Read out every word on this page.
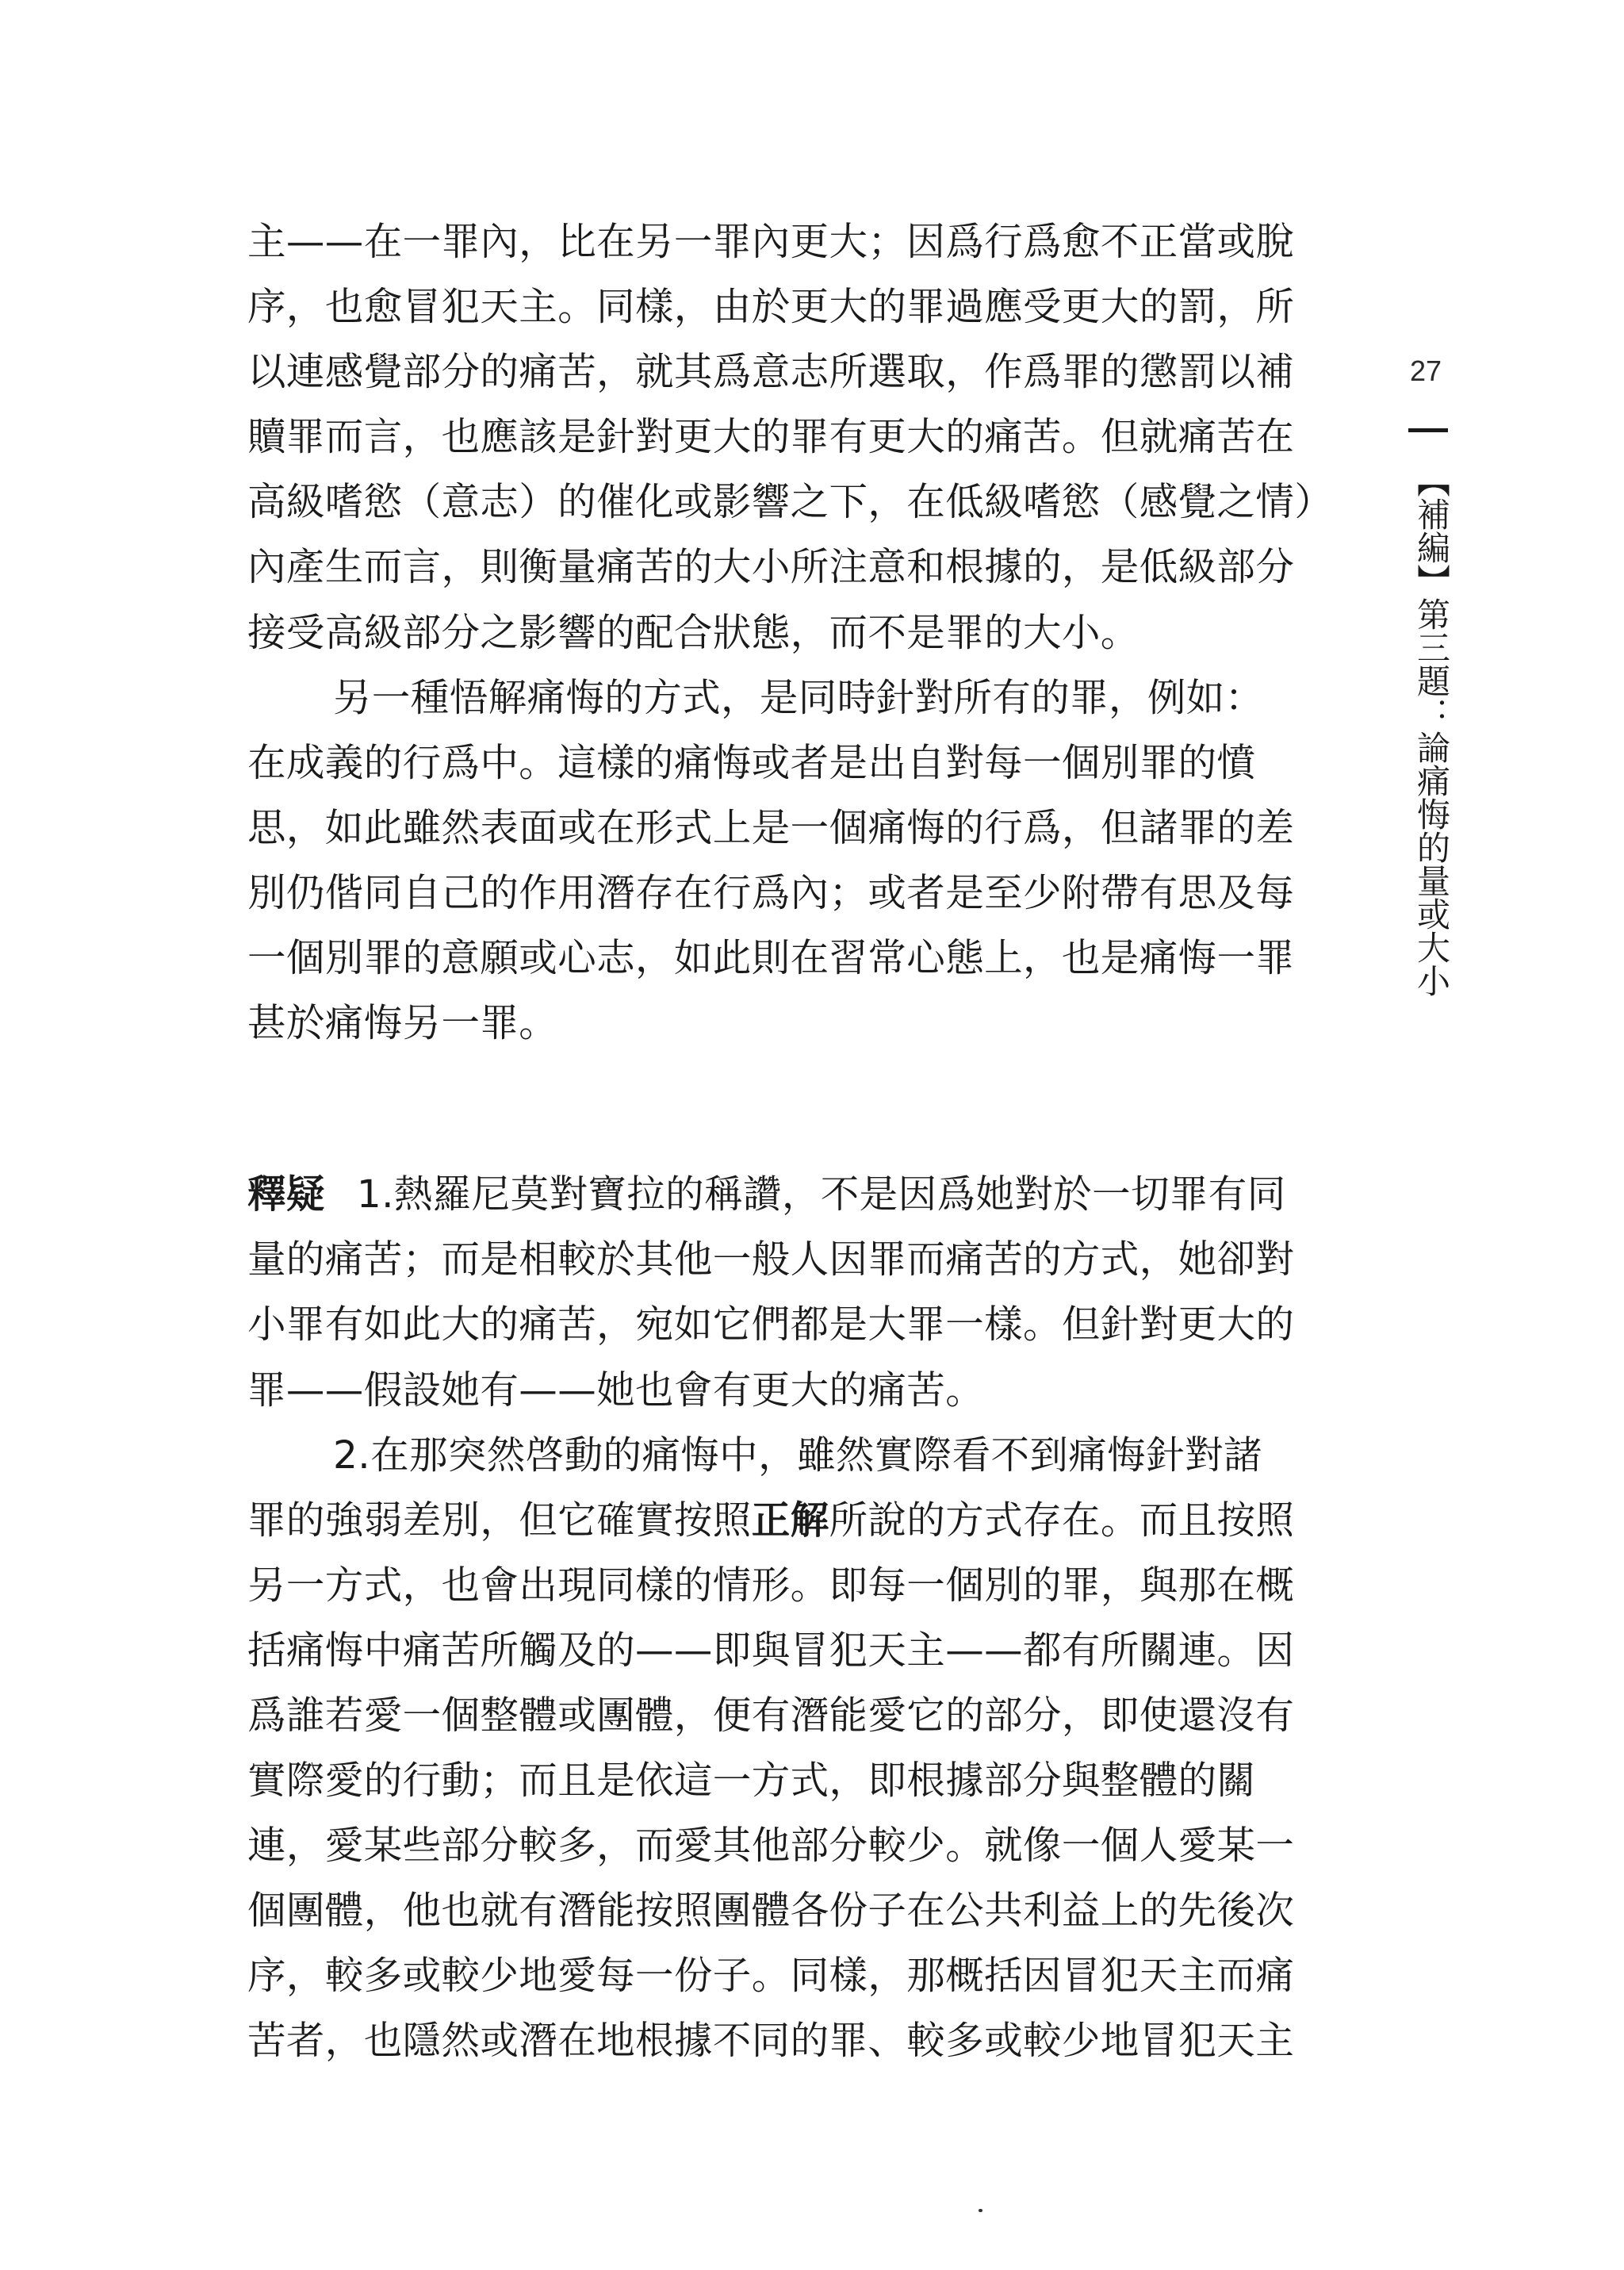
主——在一罪內，比在另一罪內更大；因爲行爲愈不正當或脫
序，也愈冒犯天主。同樣，由於更大的罪過應受更大的罰，所
以連感覺部分的痛苦，就其爲意志所選取，作爲罪的懲罰以補
贖罪而言，也應該是針對更大的罪有更大的痛苦。但就痛苦在
高級嗜慾（意志）的催化或影響之下，在低級嗜慾（感覺之情）
內產生而言，則衡量痛苦的大小所注意和根據的，是低級部分
接受高級部分之影響的配合狀態，而不是罪的大小。
另一種悟解痛悔的方式，是同時針對所有的罪，例如：
在成義的行爲中。這樣的痛悔或者是出自對每一個別罪的憤
思，如此雖然表面或在形式上是一個痛悔的行爲，但諸罪的差
別仍偕同自己的作用潛存在行爲內；或者是至少附帶有思及每
一個別罪的意願或心志，如此則在習常心態上，也是痛悔一罪
甚於痛悔另一罪。
釋疑 1.熱羅尼莫對寶拉的稱讚，不是因爲她對於一切罪有同
量的痛苦；而是相較於其他一般人因罪而痛苦的方式，她卻對
小罪有如此大的痛苦，宛如它們都是大罪一樣。但針對更大的
罪——假設她有——她也會有更大的痛苦。
2.在那突然啓動的痛悔中，雖然實際看不到痛悔針對諸
罪的強弱差別，但它確實按照正解所說的方式存在。而且按照
另一方式，也會出現同樣的情形。即每一個別的罪，與那在概
括痛悔中痛苦所觸及的——即與冒犯天主——都有所關連。因
爲誰若愛一個整體或團體，便有潛能愛它的部分，即使還沒有
實際愛的行動；而且是依這一方式，即根據部分與整體的關
連，愛某些部分較多，而愛其他部分較少。就像一個人愛某一
個團體，他也就有潛能按照團體各份子在公共利益上的先後次
序，較多或較少地愛每一份子。同樣，那概括因冒犯天主而痛
苦者，也隱然或潛在地根據不同的罪、較多或較少地冒犯天主
27
【補編】第三題：論痛悔的量或大小
